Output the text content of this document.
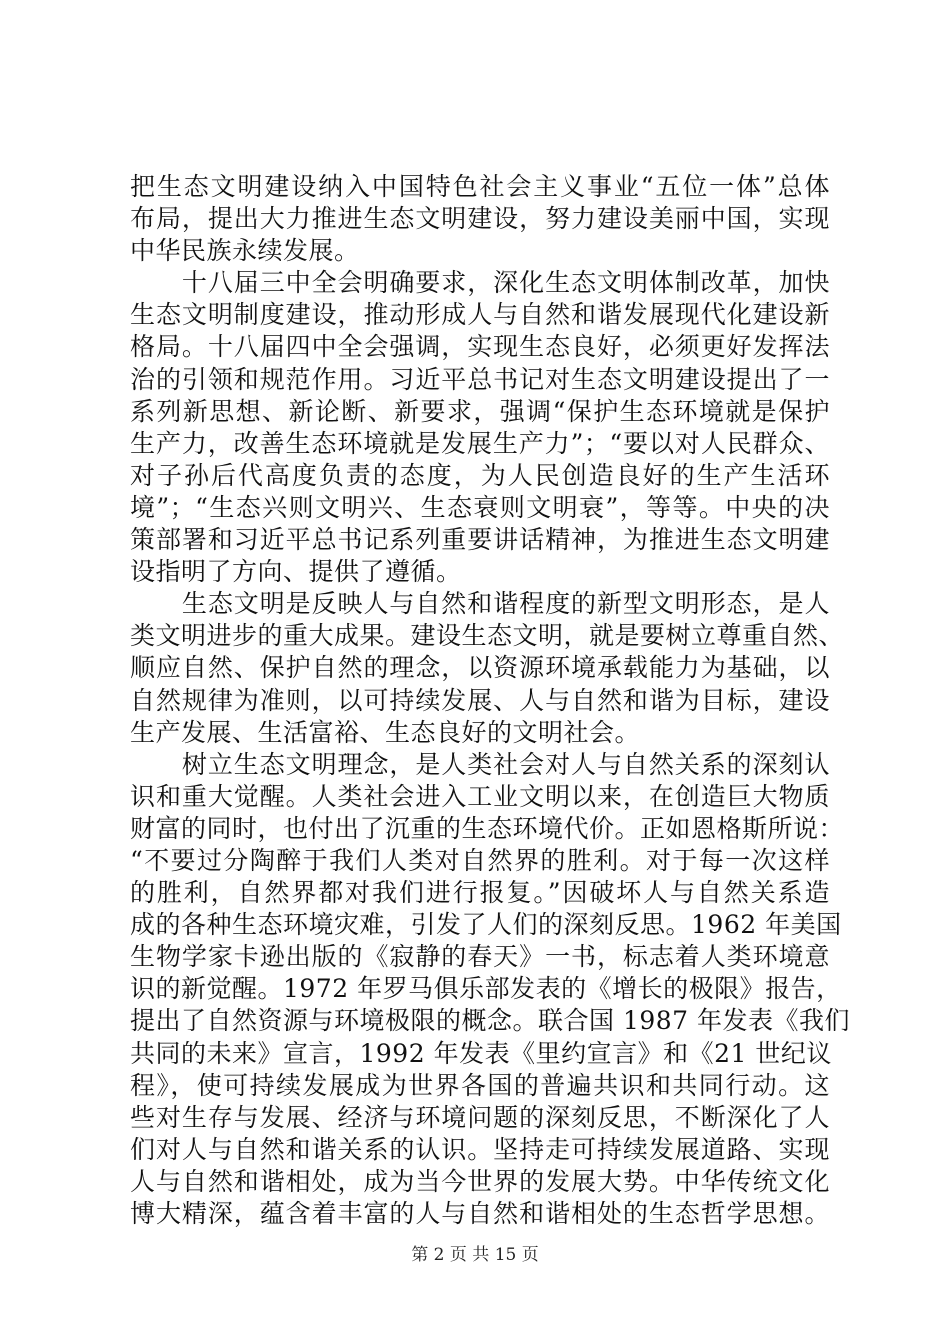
把生态文明建设纳入中国特色社会主义事业“五位一体”总体
布局，提出大力推进生态文明建设，努力建设美丽中国，实现
中华民族永续发展。
　　十八届三中全会明确要求，深化生态文明体制改革，加快
生态文明制度建设，推动形成人与自然和谐发展现代化建设新
格局。十八届四中全会强调，实现生态良好，必须更好发挥法
治的引领和规范作用。习近平总书记对生态文明建设提出了一
系列新思想、新论断、新要求，强调“保护生态环境就是保护
生产力，改善生态环境就是发展生产力”；“要以对人民群众、
对子孙后代高度负责的态度，为人民创造良好的生产生活环
境”；“生态兴则文明兴、生态衰则文明衰”，等等。中央的决
策部署和习近平总书记系列重要讲话精神，为推进生态文明建
设指明了方向、提供了遵循。
　　生态文明是反映人与自然和谐程度的新型文明形态，是人
类文明进步的重大成果。建设生态文明，就是要树立尊重自然、
顺应自然、保护自然的理念，以资源环境承载能力为基础，以
自然规律为准则，以可持续发展、人与自然和谐为目标，建设
生产发展、生活富裕、生态良好的文明社会。
　　树立生态文明理念，是人类社会对人与自然关系的深刻认
识和重大觉醒。人类社会进入工业文明以来，在创造巨大物质
财富的同时，也付出了沉重的生态环境代价。正如恩格斯所说：
“不要过分陶醉于我们人类对自然界的胜利。对于每一次这样
的胜利，自然界都对我们进行报复。”因破坏人与自然关系造
成的各种生态环境灾难，引发了人们的深刻反思。1962 年美国
生物学家卡逊出版的《寂静的春天》一书，标志着人类环境意
识的新觉醒。1972 年罗马俱乐部发表的《增长的极限》报告，
提出了自然资源与环境极限的概念。联合国 1987 年发表《我们
共同的未来》宣言，1992 年发表《里约宣言》和《21 世纪议
程》，使可持续发展成为世界各国的普遍共识和共同行动。这
些对生存与发展、经济与环境问题的深刻反思，不断深化了人
们对人与自然和谐关系的认识。坚持走可持续发展道路、实现
人与自然和谐相处，成为当今世界的发展大势。中华传统文化
博大精深，蕴含着丰富的人与自然和谐相处的生态哲学思想。
第 2 页 共 15 页
